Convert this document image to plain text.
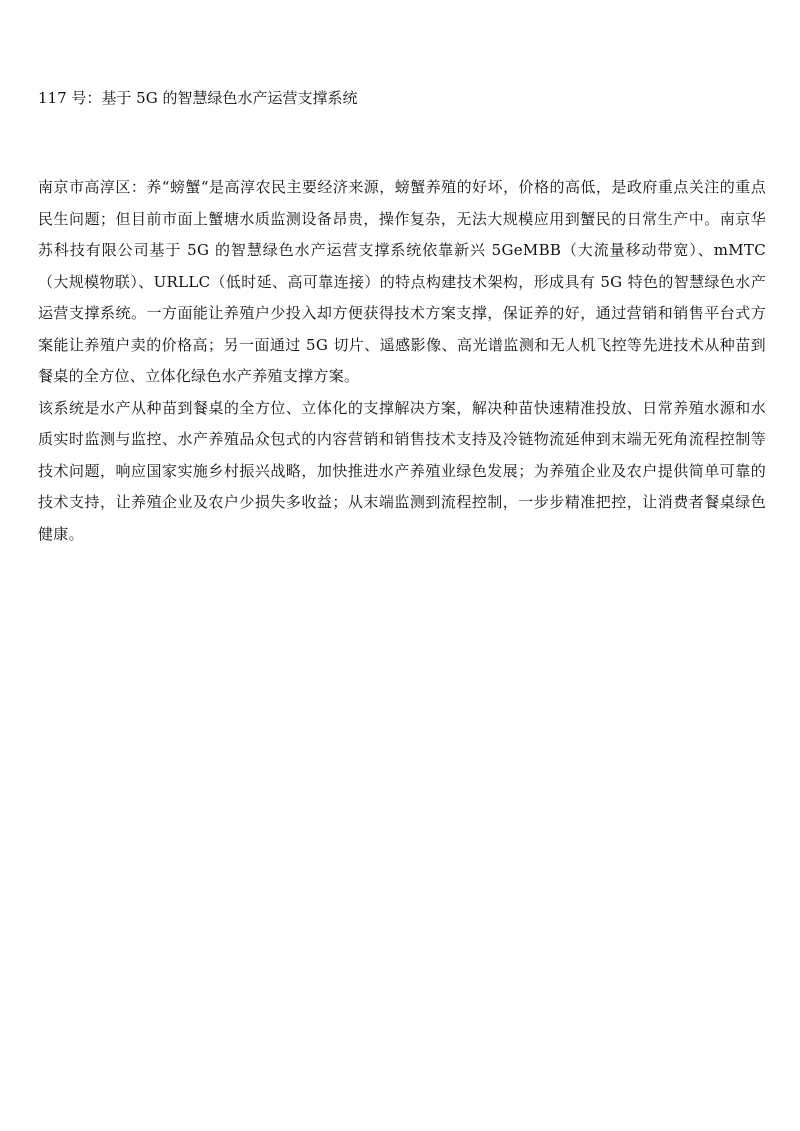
117 号：基于 5G 的智慧绿色水产运营支撑系统

南京市高淳区：养“螃蟹“是高淳农民主要经济来源，螃蟹养殖的好坏，价格的高低，是政府重点关注的重点民生问题；但目前市面上蟹塘水质监测设备昂贵，操作复杂，无法大规模应用到蟹民的日常生产中。南京华苏科技有限公司基于 5G 的智慧绿色水产运营支撑系统依靠新兴 5GeMBB（大流量移动带宽）、mMTC（大规模物联）、URLLC（低时延、高可靠连接）的特点构建技术架构，形成具有 5G 特色的智慧绿色水产运营支撑系统。一方面能让养殖户少投入却方便获得技术方案支撑，保证养的好，通过营销和销售平台式方案能让养殖户卖的价格高；另一面通过 5G 切片、遥感影像、高光谱监测和无人机飞控等先进技术从种苗到餐桌的全方位、立体化绿色水产养殖支撑方案。

该系统是水产从种苗到餐桌的全方位、立体化的支撑解决方案，解决种苗快速精准投放、日常养殖水源和水质实时监测与监控、水产养殖品众包式的内容营销和销售技术支持及冷链物流延伸到末端无死角流程控制等技术问题，响应国家实施乡村振兴战略，加快推进水产养殖业绿色发展；为养殖企业及农户提供简单可靠的技术支持，让养殖企业及农户少损失多收益；从末端监测到流程控制，一步步精准把控，让消费者餐桌绿色健康。
